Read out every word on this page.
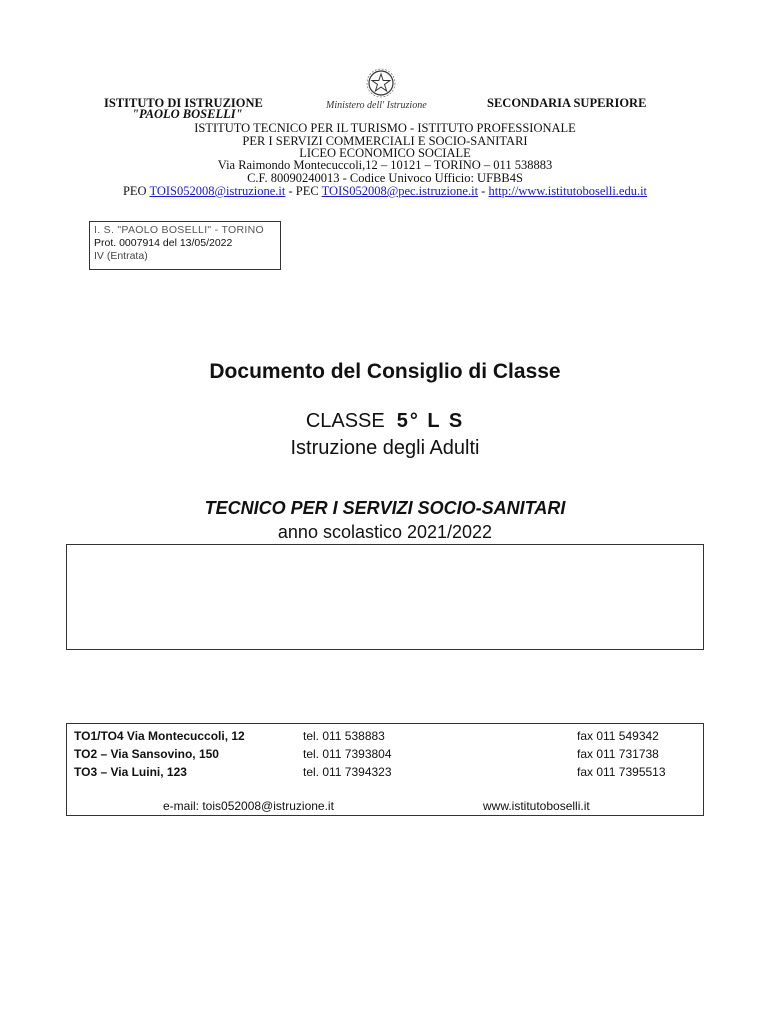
ISTITUTO DI ISTRUZIONE
"PAOLO BOSELLI"
SECONDARIA SUPERIORE
Ministero dell' Istruzione
ISTITUTO TECNICO PER IL TURISMO - ISTITUTO PROFESSIONALE
PER I SERVIZI COMMERCIALI E SOCIO-SANITARI
LICEO ECONOMICO SOCIALE
Via Raimondo Montecuccoli,12 – 10121 – TORINO – 011 538883
C.F. 80090240013 - Codice Univoco Ufficio: UFBB4S
PEO TOIS052008@istruzione.it - PEC TOIS052008@pec.istruzione.it - http://www.istitutoboselli.edu.it
I. S. "PAOLO BOSELLI" - TORINO
Prot. 0007914 del 13/05/2022
IV (Entrata)
Documento del Consiglio di Classe
CLASSE 5° L S
Istruzione degli Adulti
TECNICO PER I SERVIZI SOCIO-SANITARI
anno scolastico 2021/2022
TO1/TO4 Via Montecuccoli, 12	tel. 011 538883	fax 011 549342
TO2 – Via Sansovino, 150	tel. 011 7393804	fax 011 731738
TO3 – Via Luini, 123	tel. 011 7394323	fax 011 7395513
e-mail: tois052008@istruzione.it	www.istitutoboselli.it
